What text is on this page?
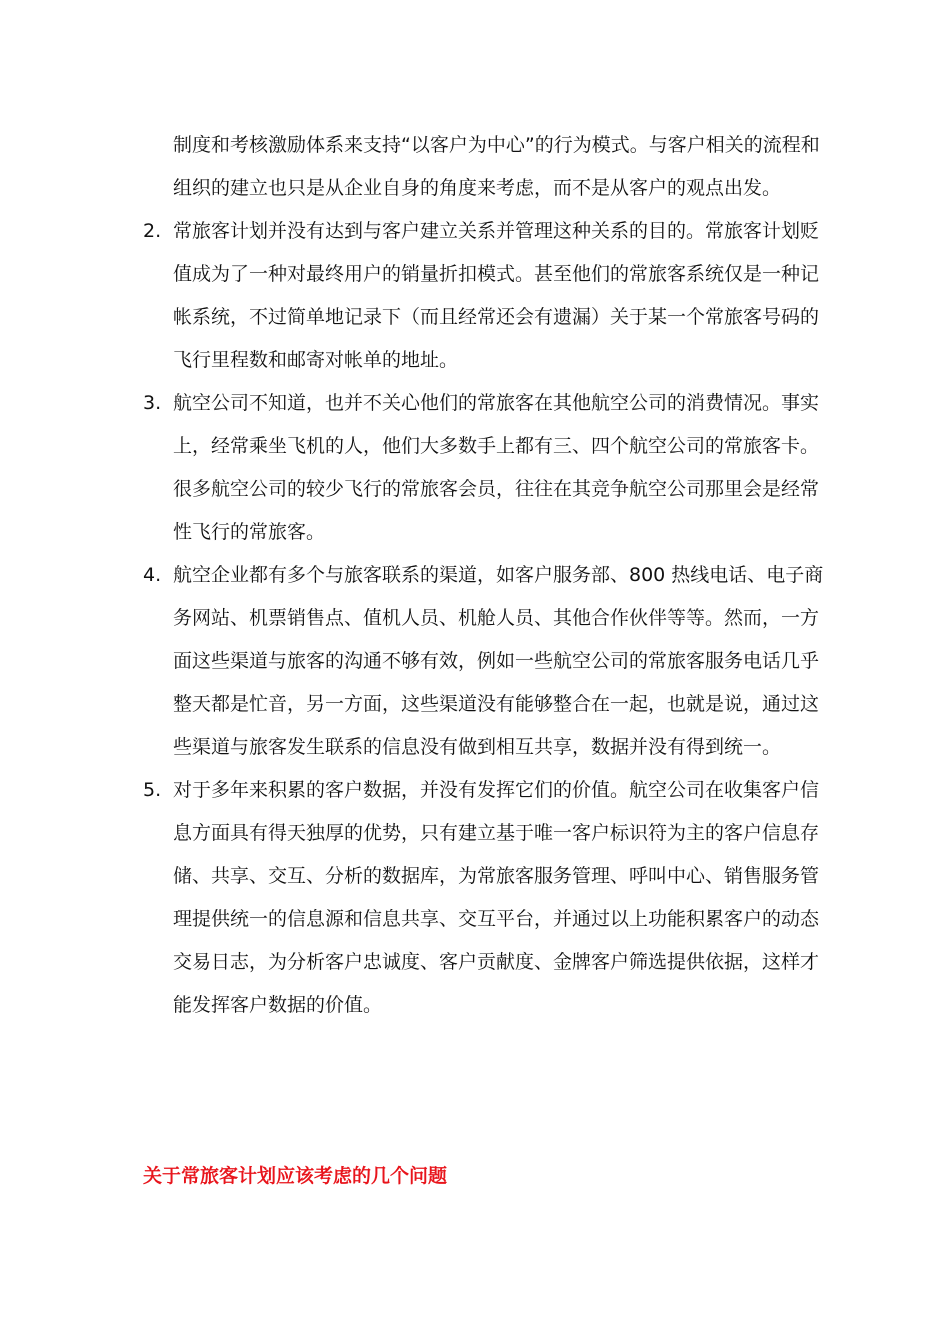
制度和考核激励体系来支持“以客户为中心”的行为模式。与客户相关的流程和组织的建立也只是从企业自身的角度来考虑，而不是从客户的观点出发。

2. 常旅客计划并没有达到与客户建立关系并管理这种关系的目的。常旅客计划贬值成为了一种对最终用户的销量折扣模式。甚至他们的常旅客系统仅是一种记帐系统，不过简单地记录下（而且经常还会有遗漏）关于某一个常旅客号码的飞行里程数和邮寄对帐单的地址。
3. 航空公司不知道，也并不关心他们的常旅客在其他航空公司的消费情况。事实上，经常乘坐飞机的人，他们大多数手上都有三、四个航空公司的常旅客卡。很多航空公司的较少飞行的常旅客会员，往往在其竞争航空公司那里会是经常性飞行的常旅客。
4. 航空企业都有多个与旅客联系的渠道，如客户服务部、800 热线电话、电子商务网站、机票销售点、值机人员、机舱人员、其他合作伙伴等等。然而，一方面这些渠道与旅客的沟通不够有效，例如一些航空公司的常旅客服务电话几乎整天都是忙音，另一方面，这些渠道没有能够整合在一起，也就是说，通过这些渠道与旅客发生联系的信息没有做到相互共享，数据并没有得到统一。
5. 对于多年来积累的客户数据，并没有发挥它们的价值。航空公司在收集客户信息方面具有得天独厚的优势，只有建立基于唯一客户标识符为主的客户信息存储、共享、交互、分析的数据库，为常旅客服务管理、呼叫中心、销售服务管理提供统一的信息源和信息共享、交互平台，并通过以上功能积累客户的动态交易日志，为分析客户忠诚度、客户贡献度、金牌客户筛选提供依据，这样才能发挥客户数据的价值。
关于常旅客计划应该考虑的几个问题
